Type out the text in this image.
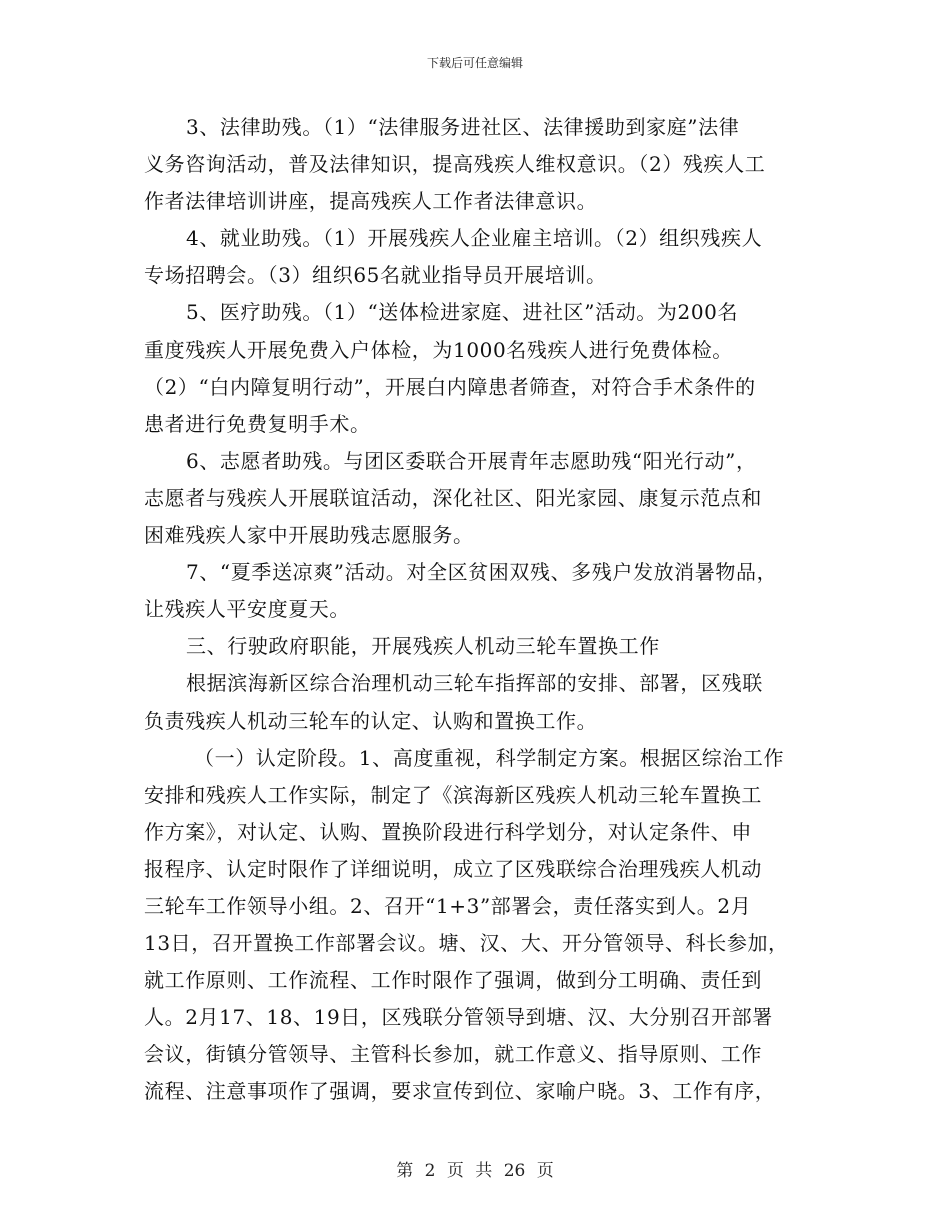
下载后可任意编辑
3、法律助残。（1）“法律服务进社区、法律援助到家庭”法律
义务咨询活动，普及法律知识，提高残疾人维权意识。（2）残疾人工
作者法律培训讲座，提高残疾人工作者法律意识。
4、就业助残。（1）开展残疾人企业雇主培训。（2）组织残疾人
专场招聘会。（3）组织65名就业指导员开展培训。
5、医疗助残。（1）“送体检进家庭、进社区”活动。为200名
重度残疾人开展免费入户体检，为1000名残疾人进行免费体检。
（2）“白内障复明行动”，开展白内障患者筛查，对符合手术条件的
患者进行免费复明手术。
6、志愿者助残。与团区委联合开展青年志愿助残“阳光行动”，
志愿者与残疾人开展联谊活动，深化社区、阳光家园、康复示范点和
困难残疾人家中开展助残志愿服务。
7、“夏季送凉爽”活动。对全区贫困双残、多残户发放消暑物品，
让残疾人平安度夏天。
三、行驶政府职能，开展残疾人机动三轮车置换工作
根据滨海新区综合治理机动三轮车指挥部的安排、部署，区残联
负责残疾人机动三轮车的认定、认购和置换工作。
（一）认定阶段。1、高度重视，科学制定方案。根据区综治工作
安排和残疾人工作实际，制定了《滨海新区残疾人机动三轮车置换工
作方案》，对认定、认购、置换阶段进行科学划分，对认定条件、申
报程序、认定时限作了详细说明，成立了区残联综合治理残疾人机动
三轮车工作领导小组。2、召开“1+3”部署会，责任落实到人。2月
13日，召开置换工作部署会议。塘、汉、大、开分管领导、科长参加，
就工作原则、工作流程、工作时限作了强调，做到分工明确、责任到
人。2月17、18、19日，区残联分管领导到塘、汉、大分别召开部署
会议，街镇分管领导、主管科长参加，就工作意义、指导原则、工作
流程、注意事项作了强调，要求宣传到位、家喻户晓。3、工作有序，
第 2 页 共 26 页
